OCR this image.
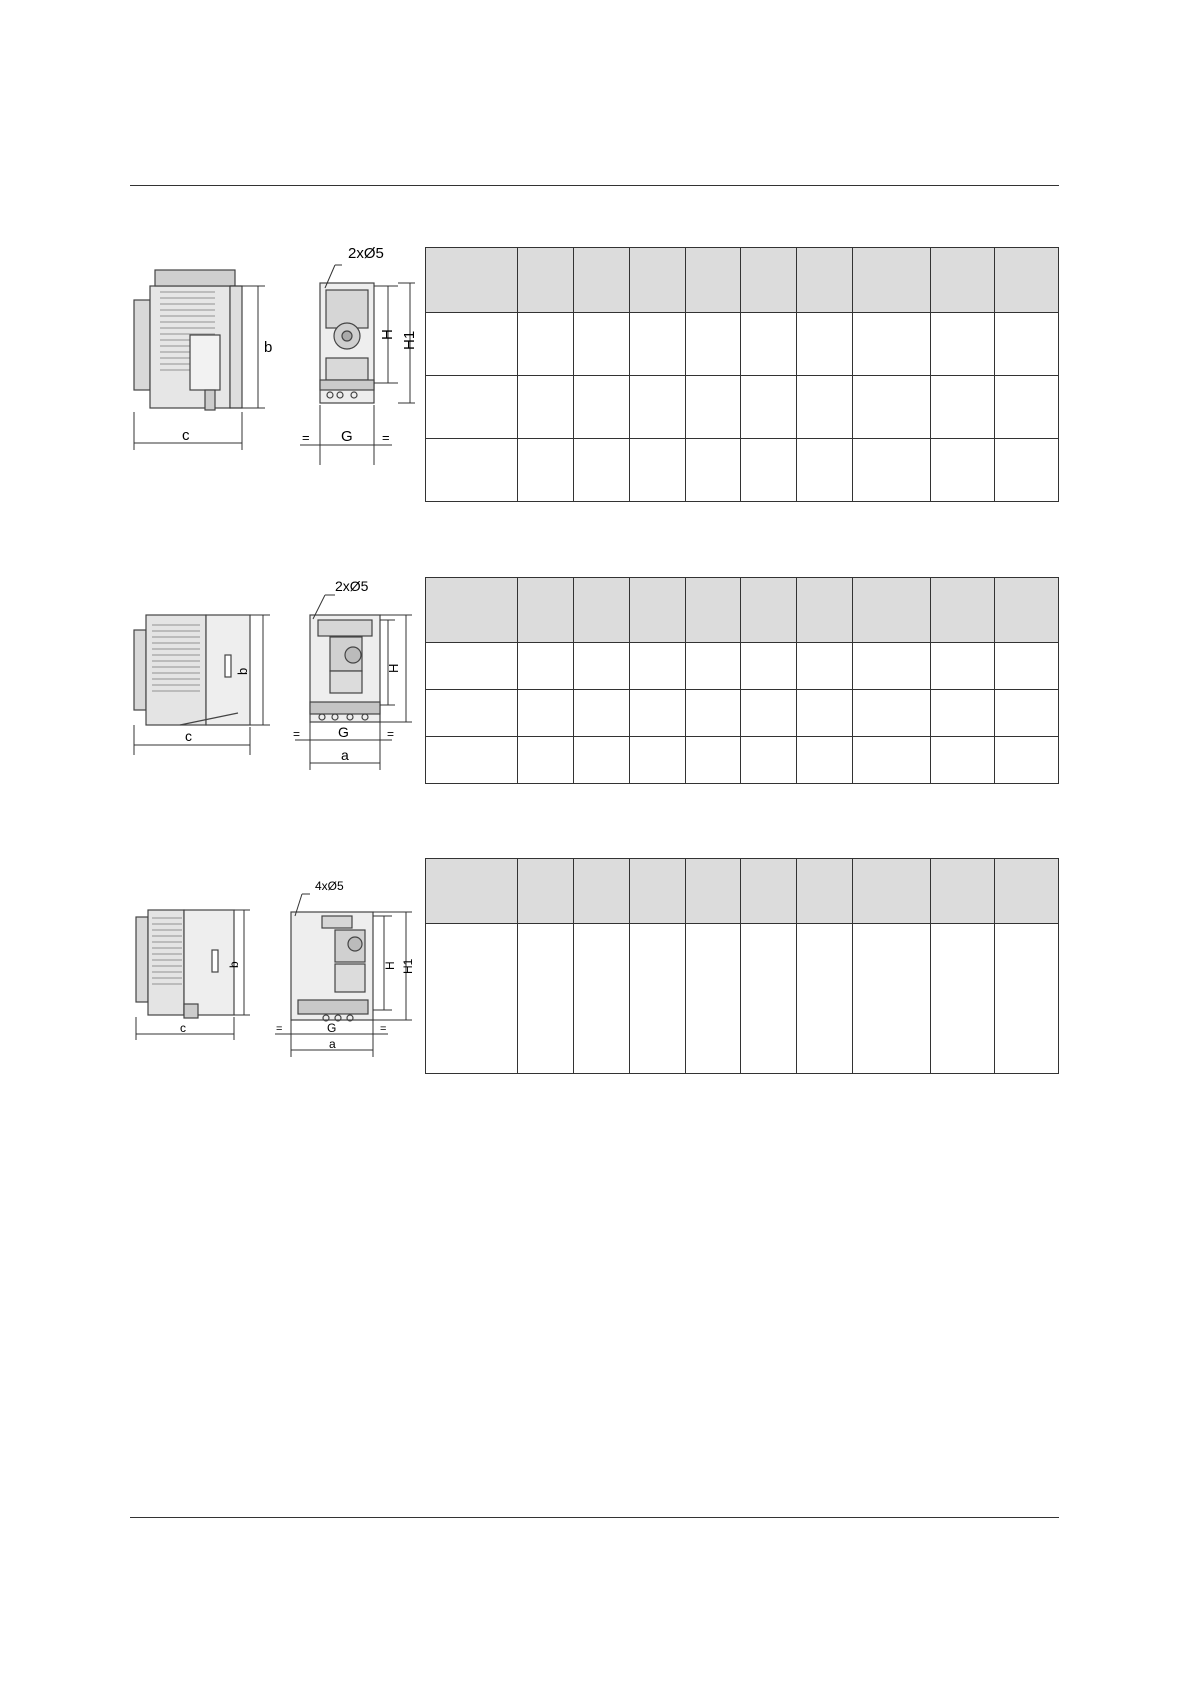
b
c
2xØ5
H H1
G
=	=

b
c
2xØ5
H
G
=	=
a

b
c
4xØ5
H H1
G
=	=
a
